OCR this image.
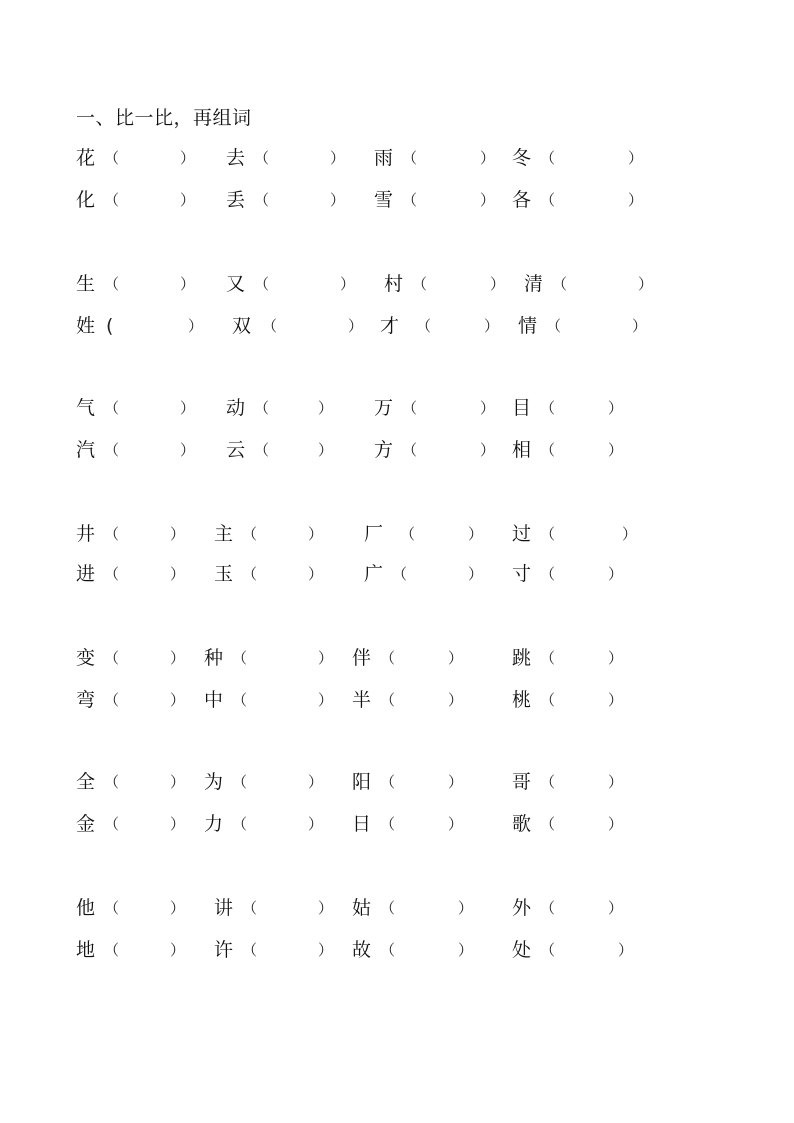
一、比一比，再组词
花 （	） 去 （	） 雨 （	） 冬 （	）
化 （	） 丢 （	） 雪 （	） 各 （	）
生 （	） 又 （	） 村 （	） 清 （	）
姓 (	） 双 （	） 才 （	） 情 （	）
气 （	） 动 （	） 万 （	） 目 （	）
汽 （	） 云 （	） 方 （	） 相 （	）
井 （	） 主 （	） 厂 （	） 过 （	）
进 （	） 玉 （	） 广 （	） 寸 （	）
变 （	） 种 （	） 伴 （	）	跳 （	）
弯 （	） 中 （	） 半 （	）	桃 （	）
全 （	） 为 （	） 阳 （	）	哥 （	）
金 （	） 力 （	） 日 （	）	歌 （	）
他 （	） 讲 （	） 姑 （	） 外 （	）
地 （	） 许 （	） 故 （	） 处 （	）
